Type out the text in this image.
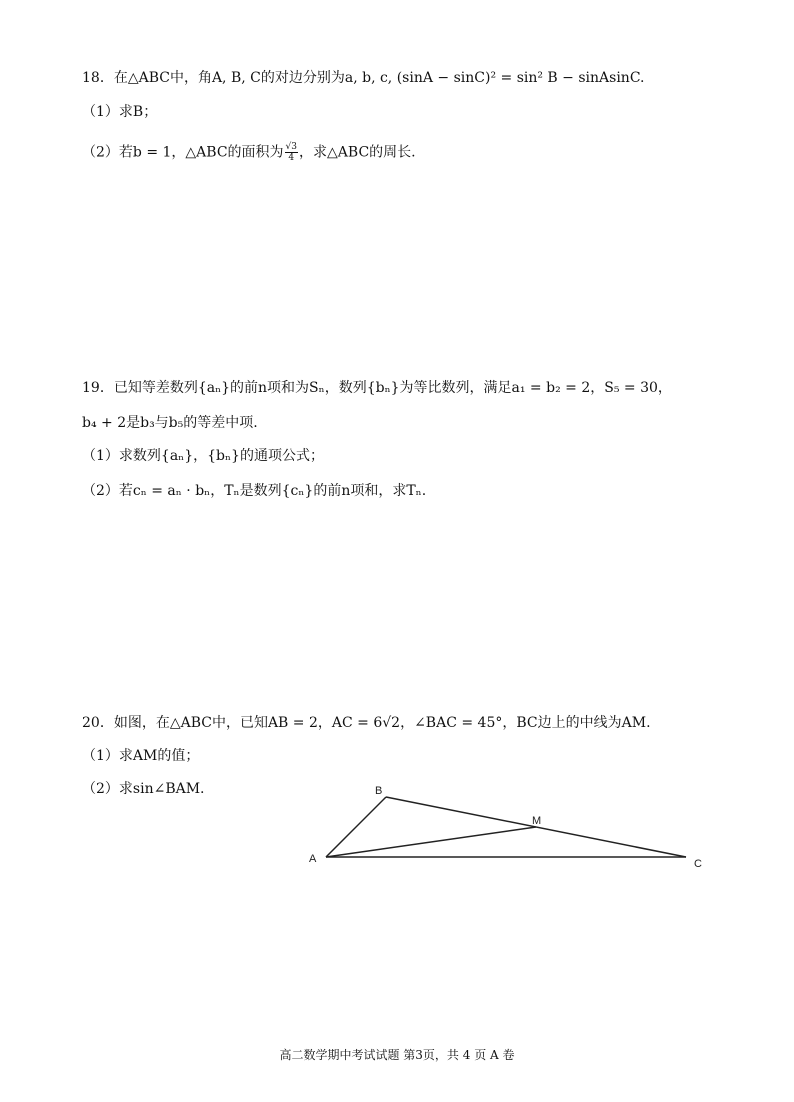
18．在△ABC中，角A, B, C的对边分别为a, b, c, (sinA − sinC)² = sin² B − sinAsinC.
（1）求B；
（2）若b = 1，△ABC的面积为 $\frac{√3}{4}$ ，求△ABC的周长.
19．已知等差数列{aₙ}的前n项和为Sₙ，数列{bₙ}为等比数列，满足a₁ = b₂ = 2，S₅ = 30，
b₄ + 2是b₃与b₅的等差中项.
（1）求数列{aₙ}，{bₙ}的通项公式；
（2）若cₙ = aₙ · bₙ，Tₙ是数列{cₙ}的前n项和，求Tₙ.
20．如图，在△ABC中，已知AB = 2，AC = 6√2，∠BAC = 45°，BC边上的中线为AM.
（1）求AM的值；
（2）求sin∠BAM.
A
B
C
M
高二数学期中考试试题 第3页，共 4 页 A 卷
